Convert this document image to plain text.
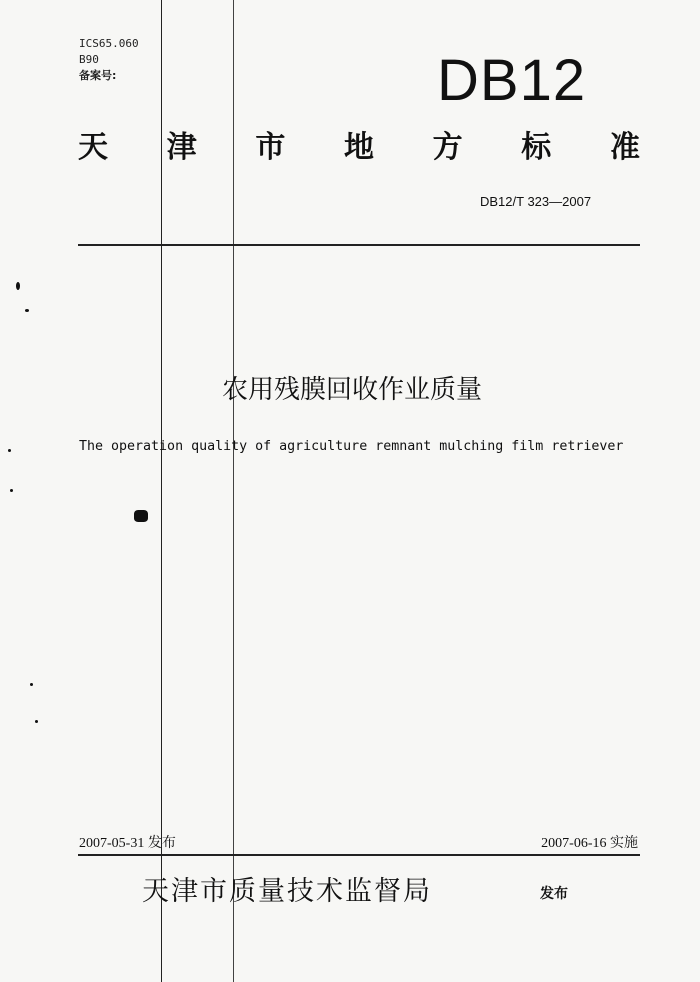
ICS65.060
B90
备案号:	DB12
天 津 市 地 方 标 准
DB12/T 323—2007
农用残膜回收作业质量
The operation quality of agriculture remnant mulching film retriever
2007-05-31 发布	2007-06-16 实施
天津市质量技术监督局	发布
